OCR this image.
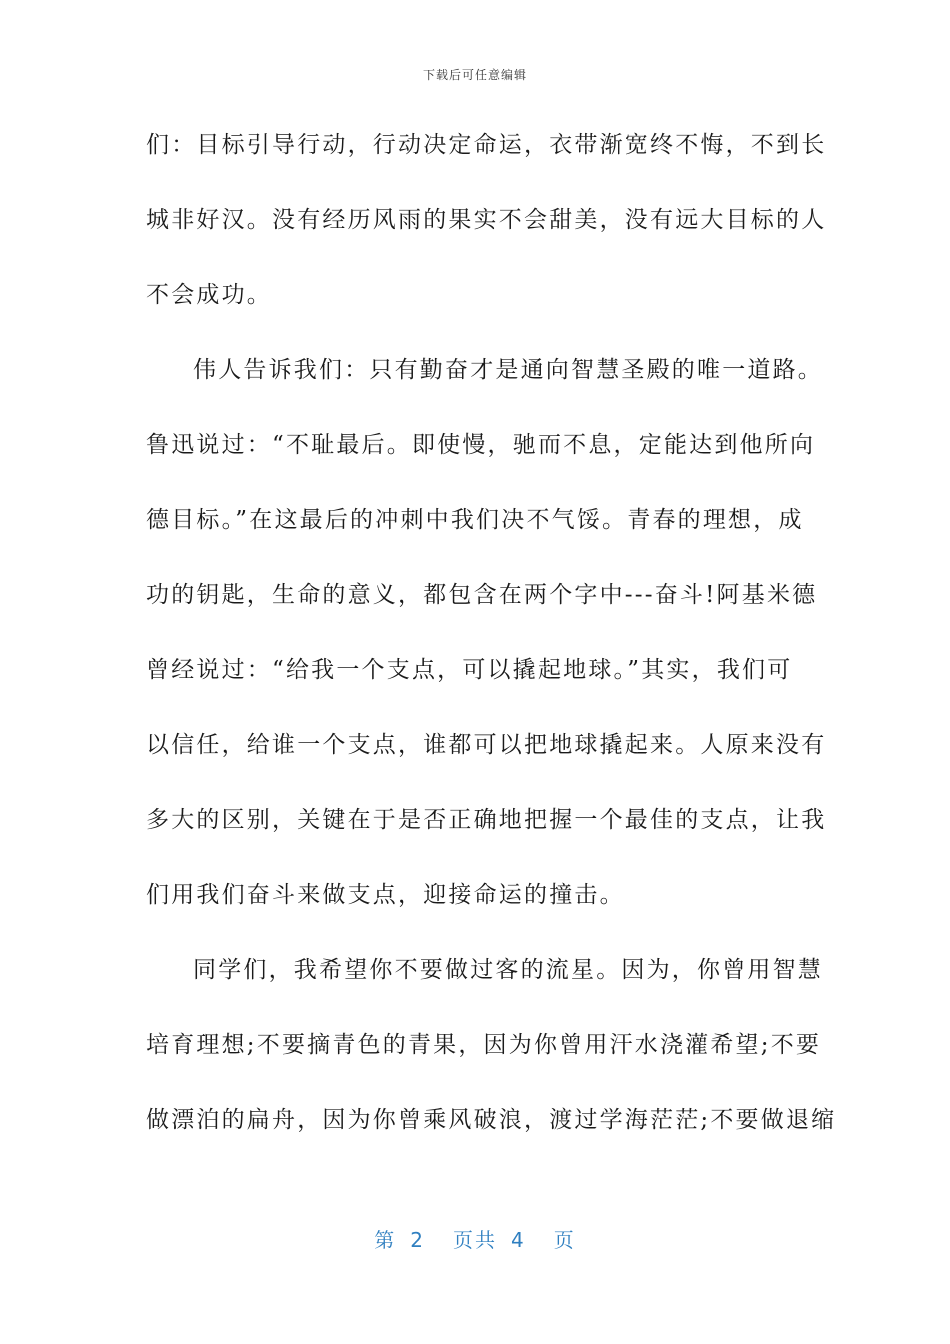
下载后可任意编辑
们：目标引导行动，行动决定命运，衣带渐宽终不悔，不到长
城非好汉。没有经历风雨的果实不会甜美，没有远大目标的人
不会成功。
伟人告诉我们：只有勤奋才是通向智慧圣殿的唯一道路。
鲁迅说过：“不耻最后。即使慢，驰而不息，定能达到他所向
德目标。”在这最后的冲刺中我们决不气馁。青春的理想，成
功的钥匙，生命的意义，都包含在两个字中---奋斗!阿基米德
曾经说过：“给我一个支点，可以撬起地球。”其实，我们可
以信任，给谁一个支点，谁都可以把地球撬起来。人原来没有
多大的区别，关键在于是否正确地把握一个最佳的支点，让我
们用我们奋斗来做支点，迎接命运的撞击。
同学们，我希望你不要做过客的流星。因为，你曾用智慧
培育理想;不要摘青色的青果，因为你曾用汗水浇灌希望;不要
做漂泊的扁舟，因为你曾乘风破浪，渡过学海茫茫;不要做退缩
第 2 页共 4 页
